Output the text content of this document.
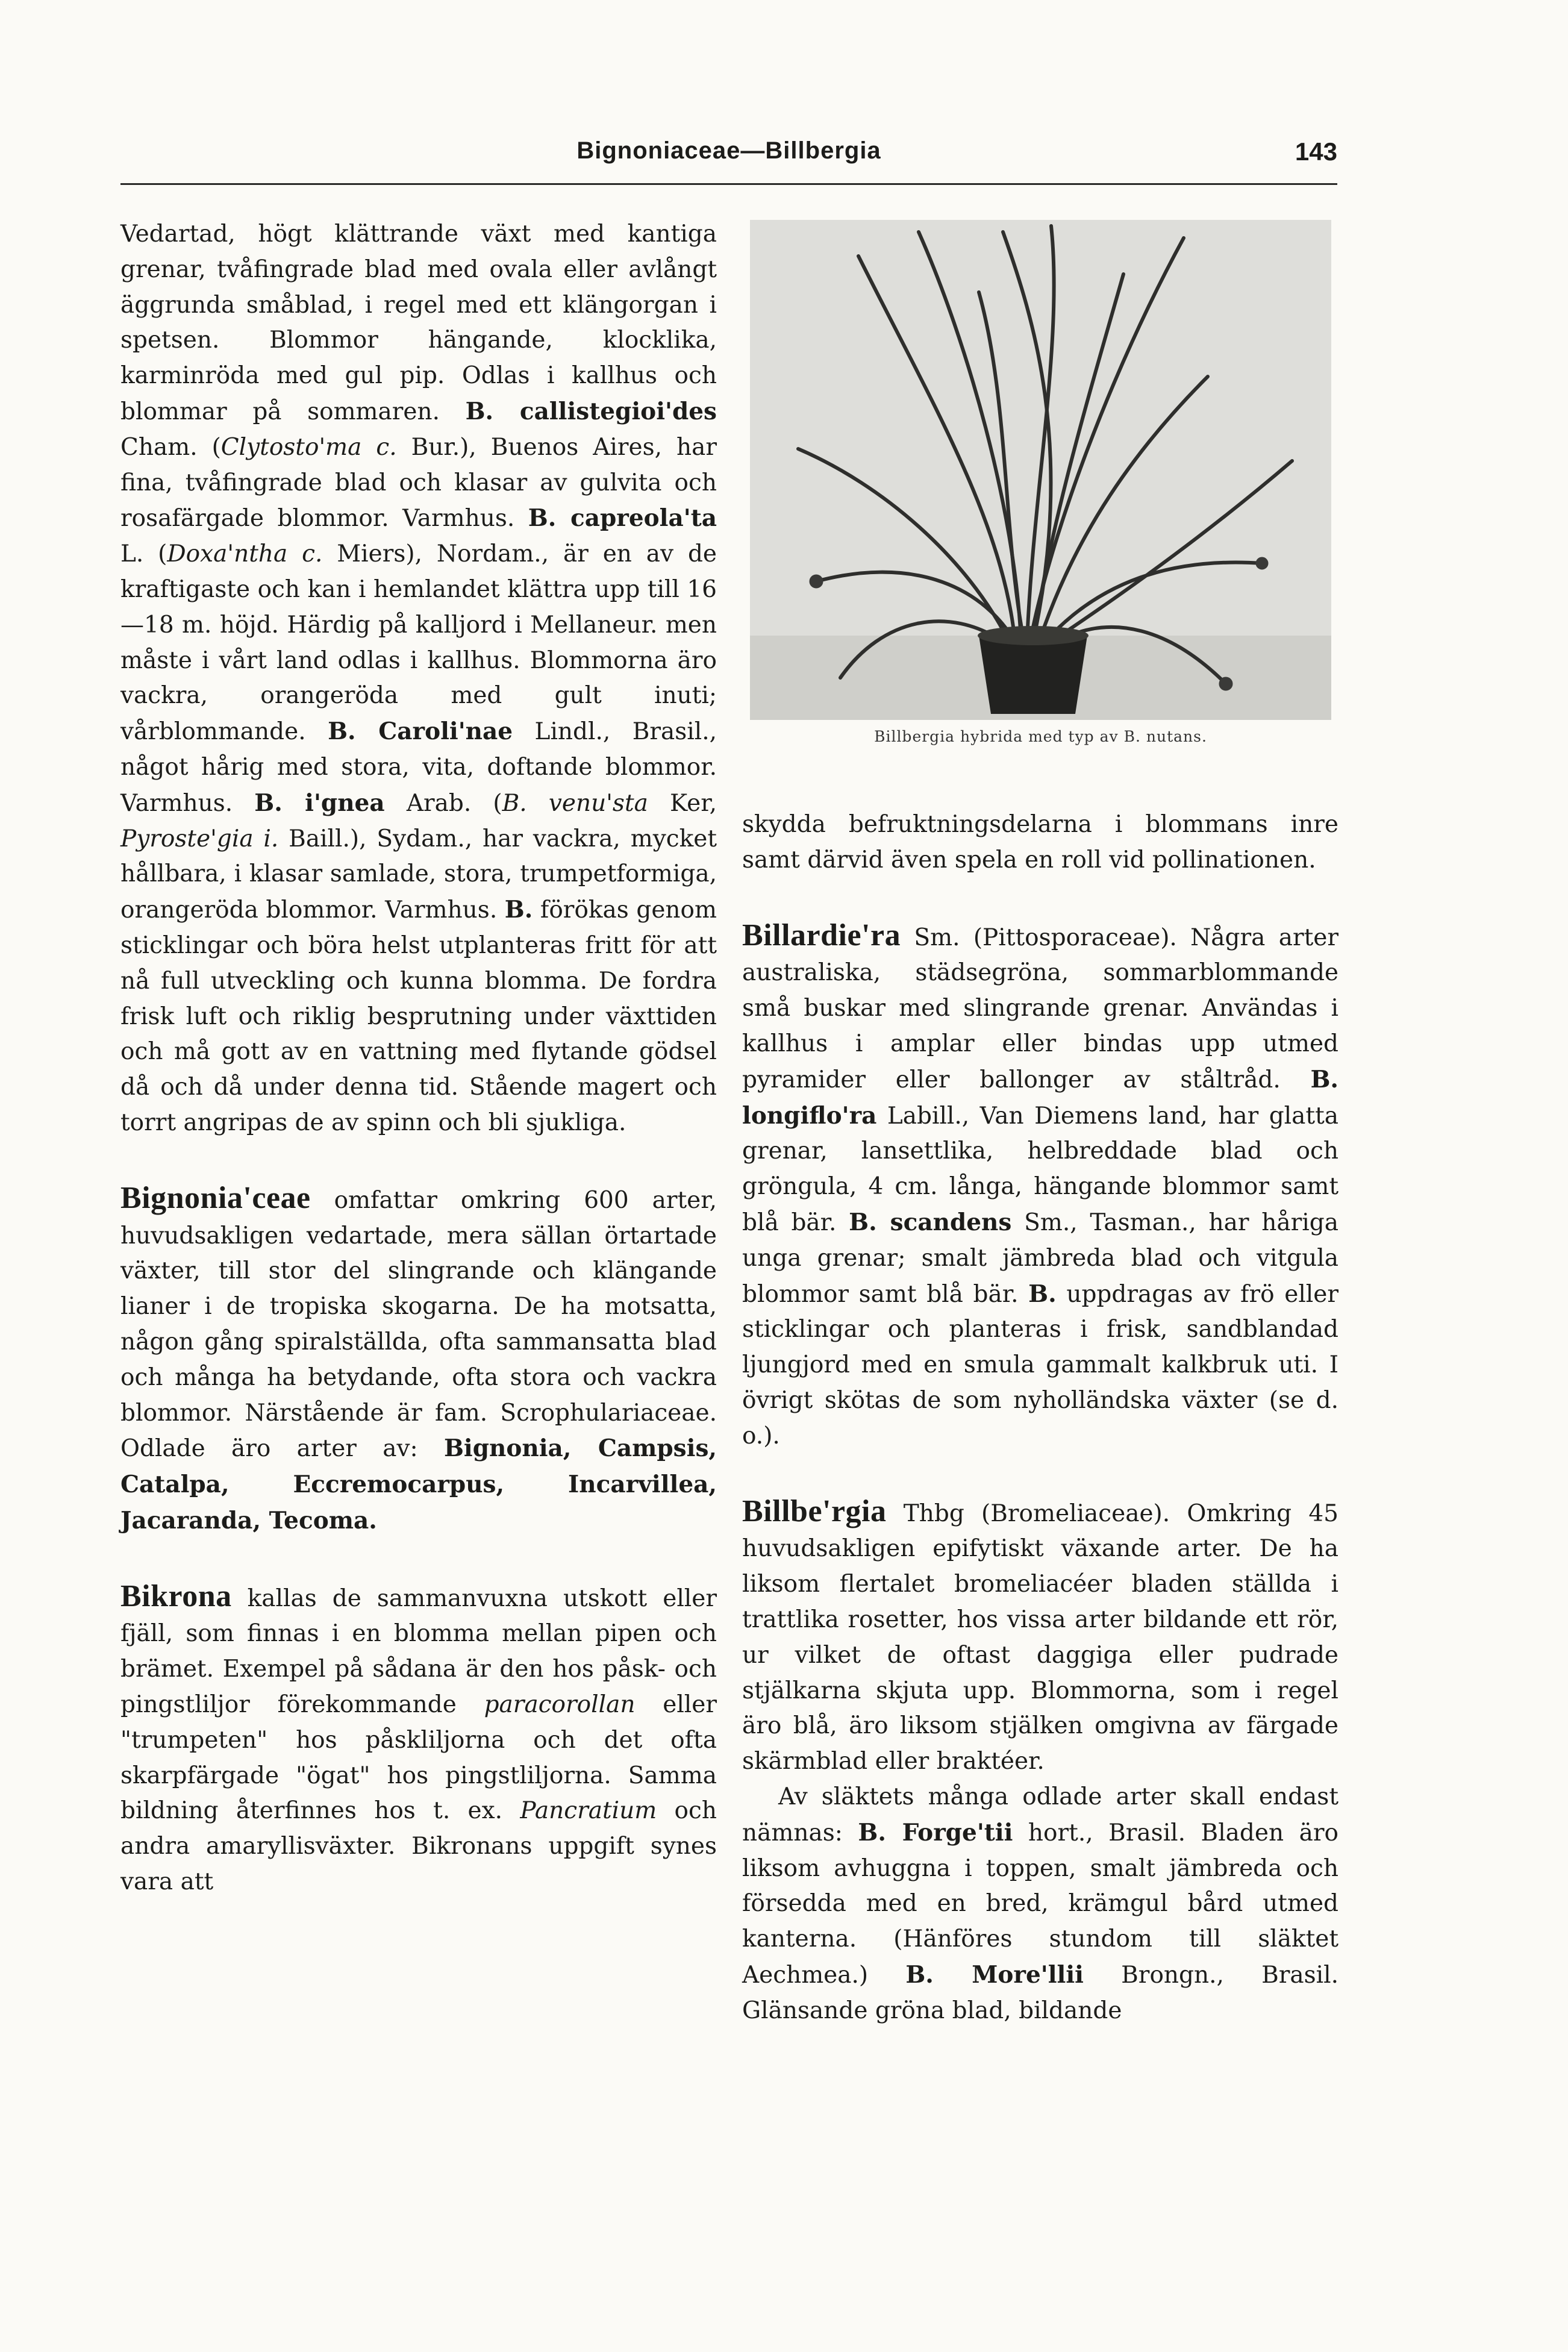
Bignoniaceae—Billbergia	143

Vedartad, högt klättrande växt med kantiga grenar, tvåfingrade blad med ovala eller avlångt äggrunda småblad, i regel med ett klängorgan i spetsen. Blommor hängande, klocklika, karminröda med gul pip. Odlas i kallhus och blommar på sommaren. B. callistegioi'des Cham. (Clytosto'ma c. Bur.), Buenos Aires, har fina, tvåfingrade blad och klasar av gulvita och rosafärgade blommor. Varmhus. B. capreola'ta L. (Doxa'ntha c. Miers), Nordam., är en av de kraftigaste och kan i hemlandet klättra upp till 16—18 m. höjd. Härdig på kalljord i Mellaneur. men måste i vårt land odlas i kallhus. Blommorna äro vackra, orangeröda med gult inuti; vårblommande. B. Caroli'nae Lindl., Brasil., något hårig med stora, vita, doftande blommor. Varmhus. B. i'gnea Arab. (B. venu'sta Ker, Pyroste'gia i. Baill.), Sydam., har vackra, mycket hållbara, i klasar samlade, stora, trumpetformiga, orangeröda blommor. Varmhus. B. förökas genom sticklingar och böra helst utplanteras fritt för att nå full utveckling och kunna blomma. De fordra frisk luft och riklig besprutning under växttiden och må gott av en vattning med flytande gödsel då och då under denna tid. Stående magert och torrt angripas de av spinn och bli sjukliga.

Bignonia'ceae omfattar omkring 600 arter, huvudsakligen vedartade, mera sällan örtartade växter, till stor del slingrande och klängande lianer i de tropiska skogarna. De ha motsatta, någon gång spiralställda, ofta sammansatta blad och många ha betydande, ofta stora och vackra blommor. Närstående är fam. Scrophulariaceae. Odlade äro arter av: Bignonia, Campsis, Catalpa, Eccremocarpus, Incarvillea, Jacaranda, Tecoma.

Bikrona kallas de sammanvuxna utskott eller fjäll, som finnas i en blomma mellan pipen och brämet. Exempel på sådana är den hos påsk- och pingstliljor förekommande paracorollan eller "trumpeten" hos påskliljorna och det ofta skarpfärgade "ögat" hos pingstliljorna. Samma bildning återfinnes hos t. ex. Pancratium och andra amaryllisväxter. Bikronans uppgift synes vara att

Billbergia hybrida med typ av B. nutans.

skydda befruktningsdelarna i blommans inre samt därvid även spela en roll vid pollinationen.

Billardie'ra Sm. (Pittosporaceae). Några arter australiska, städsegröna, sommarblommande små buskar med slingrande grenar. Användas i kallhus i amplar eller bindas upp utmed pyramider eller ballonger av ståltråd. B. longiflo'ra Labill., Van Diemens land, har glatta grenar, lansettlika, helbreddade blad och gröngula, 4 cm. långa, hängande blommor samt blå bär. B. scandens Sm., Tasman., har håriga unga grenar; smalt jämbreda blad och vitgula blommor samt blå bär. B. uppdragas av frö eller sticklingar och planteras i frisk, sandblandad ljungjord med en smula gammalt kalkbruk uti. I övrigt skötas de som nyholländska växter (se d. o.).

Billbe'rgia Thbg (Bromeliaceae). Omkring 45 huvudsakligen epifytiskt växande arter. De ha liksom flertalet bromeliacéer bladen ställda i trattlika rosetter, hos vissa arter bildande ett rör, ur vilket de oftast daggiga eller pudrade stjälkarna skjuta upp. Blommorna, som i regel äro blå, äro liksom stjälken omgivna av färgade skärmblad eller braktéer.

Av släktets många odlade arter skall endast nämnas: B. Forge'tii hort., Brasil. Bladen äro liksom avhuggna i toppen, smalt jämbreda och försedda med en bred, krämgul bård utmed kanterna. (Hänföres stundom till släktet Aechmea.) B. More'llii Brongn., Brasil. Glänsande gröna blad, bildande
